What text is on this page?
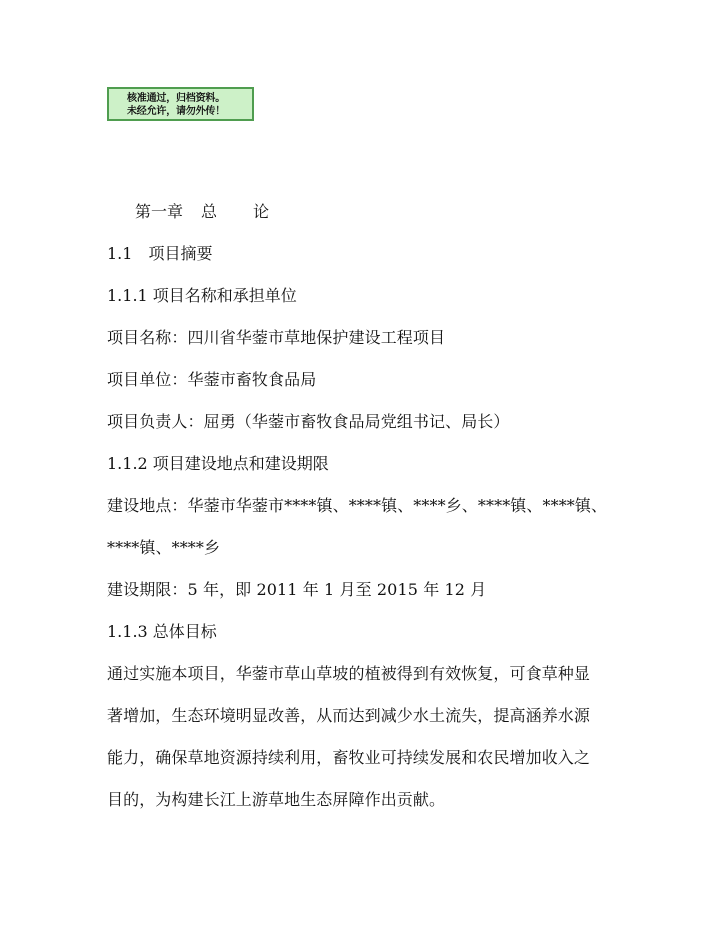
核准通过，归档资料。
未经允许，请勿外传！

第一章 总 论

1.1　项目摘要

1.1.1 项目名称和承担单位

项目名称：四川省华蓥市草地保护建设工程项目

项目单位：华蓥市畜牧食品局

项目负责人：屈勇（华蓥市畜牧食品局党组书记、局长）

1.1.2 项目建设地点和建设期限

建设地点：华蓥市华蓥市****镇、****镇、****乡、****镇、****镇、

****镇、****乡

建设期限：5 年，即 2011 年 1 月至 2015 年 12 月

1.1.3 总体目标

通过实施本项目，华蓥市草山草坡的植被得到有效恢复，可食草种显

著增加，生态环境明显改善，从而达到减少水土流失，提高涵养水源

能力，确保草地资源持续利用，畜牧业可持续发展和农民增加收入之

目的，为构建长江上游草地生态屏障作出贡献。
